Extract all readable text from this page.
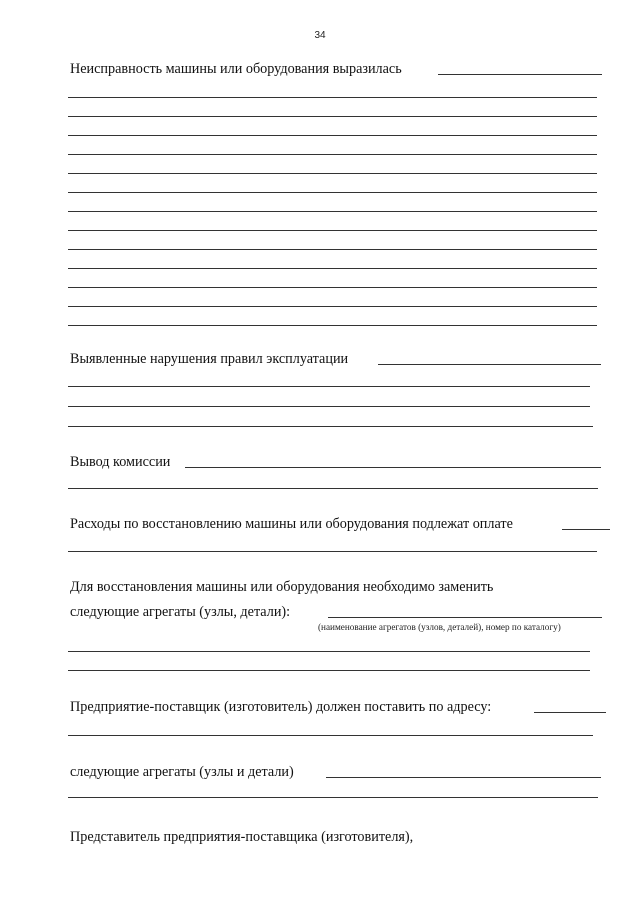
34
Неисправность машины или оборудования выразилась
Выявленные нарушения правил эксплуатации
Вывод комиссии
Расходы по восстановлению машины или оборудования подлежат оплате
Для восстановления машины или оборудования необходимо заменить
следующие агрегаты (узлы, детали):
(наименование агрегатов (узлов, деталей), номер по каталогу)
Предприятие-поставщик (изготовитель) должен поставить по адресу:
следующие агрегаты (узлы и детали)
Представитель предприятия-поставщика (изготовителя),
